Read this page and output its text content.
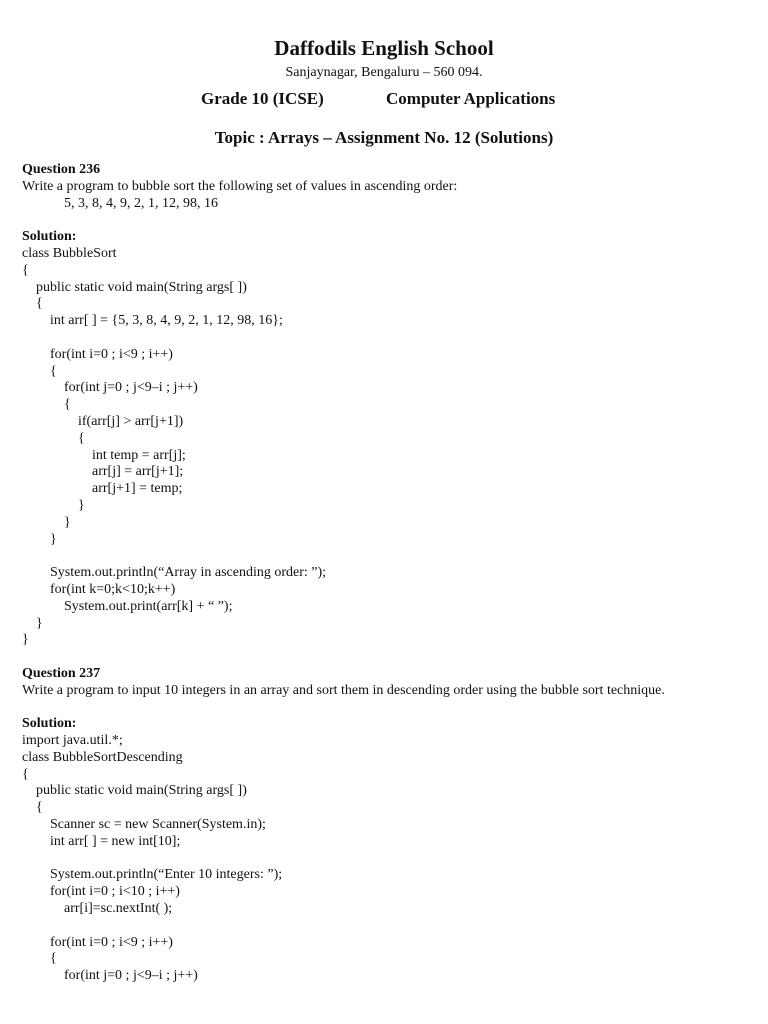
Daffodils English School
Sanjaynagar, Bengaluru – 560 094.
Grade 10 (ICSE)	Computer Applications
Topic : Arrays – Assignment No. 12 (Solutions)
Question 236
Write a program to bubble sort the following set of values in ascending order:
5, 3, 8, 4, 9, 2, 1, 12, 98, 16
Solution:
class BubbleSort
{
public static void main(String args[ ])
{
int arr[ ] = {5, 3, 8, 4, 9, 2, 1, 12, 98, 16};
for(int i=0 ; i<9 ; i++)
{
for(int j=0 ; j<9–i ; j++)
{
if(arr[j] > arr[j+1])
{
int temp = arr[j];
arr[j] = arr[j+1];
arr[j+1] = temp;
}
}
}
System.out.println(“Array in ascending order: ”);
for(int k=0;k<10;k++)
System.out.print(arr[k] + “ ”);
}
}
Question 237
Write a program to input 10 integers in an array and sort them in descending order using the bubble sort technique.
Solution:
import java.util.*;
class BubbleSortDescending
{
public static void main(String args[ ])
{
Scanner sc = new Scanner(System.in);
int arr[ ] = new int[10];
System.out.println(“Enter 10 integers: ”);
for(int i=0 ; i<10 ; i++)
arr[i]=sc.nextInt( );
for(int i=0 ; i<9 ; i++)
{
for(int j=0 ; j<9–i ; j++)
